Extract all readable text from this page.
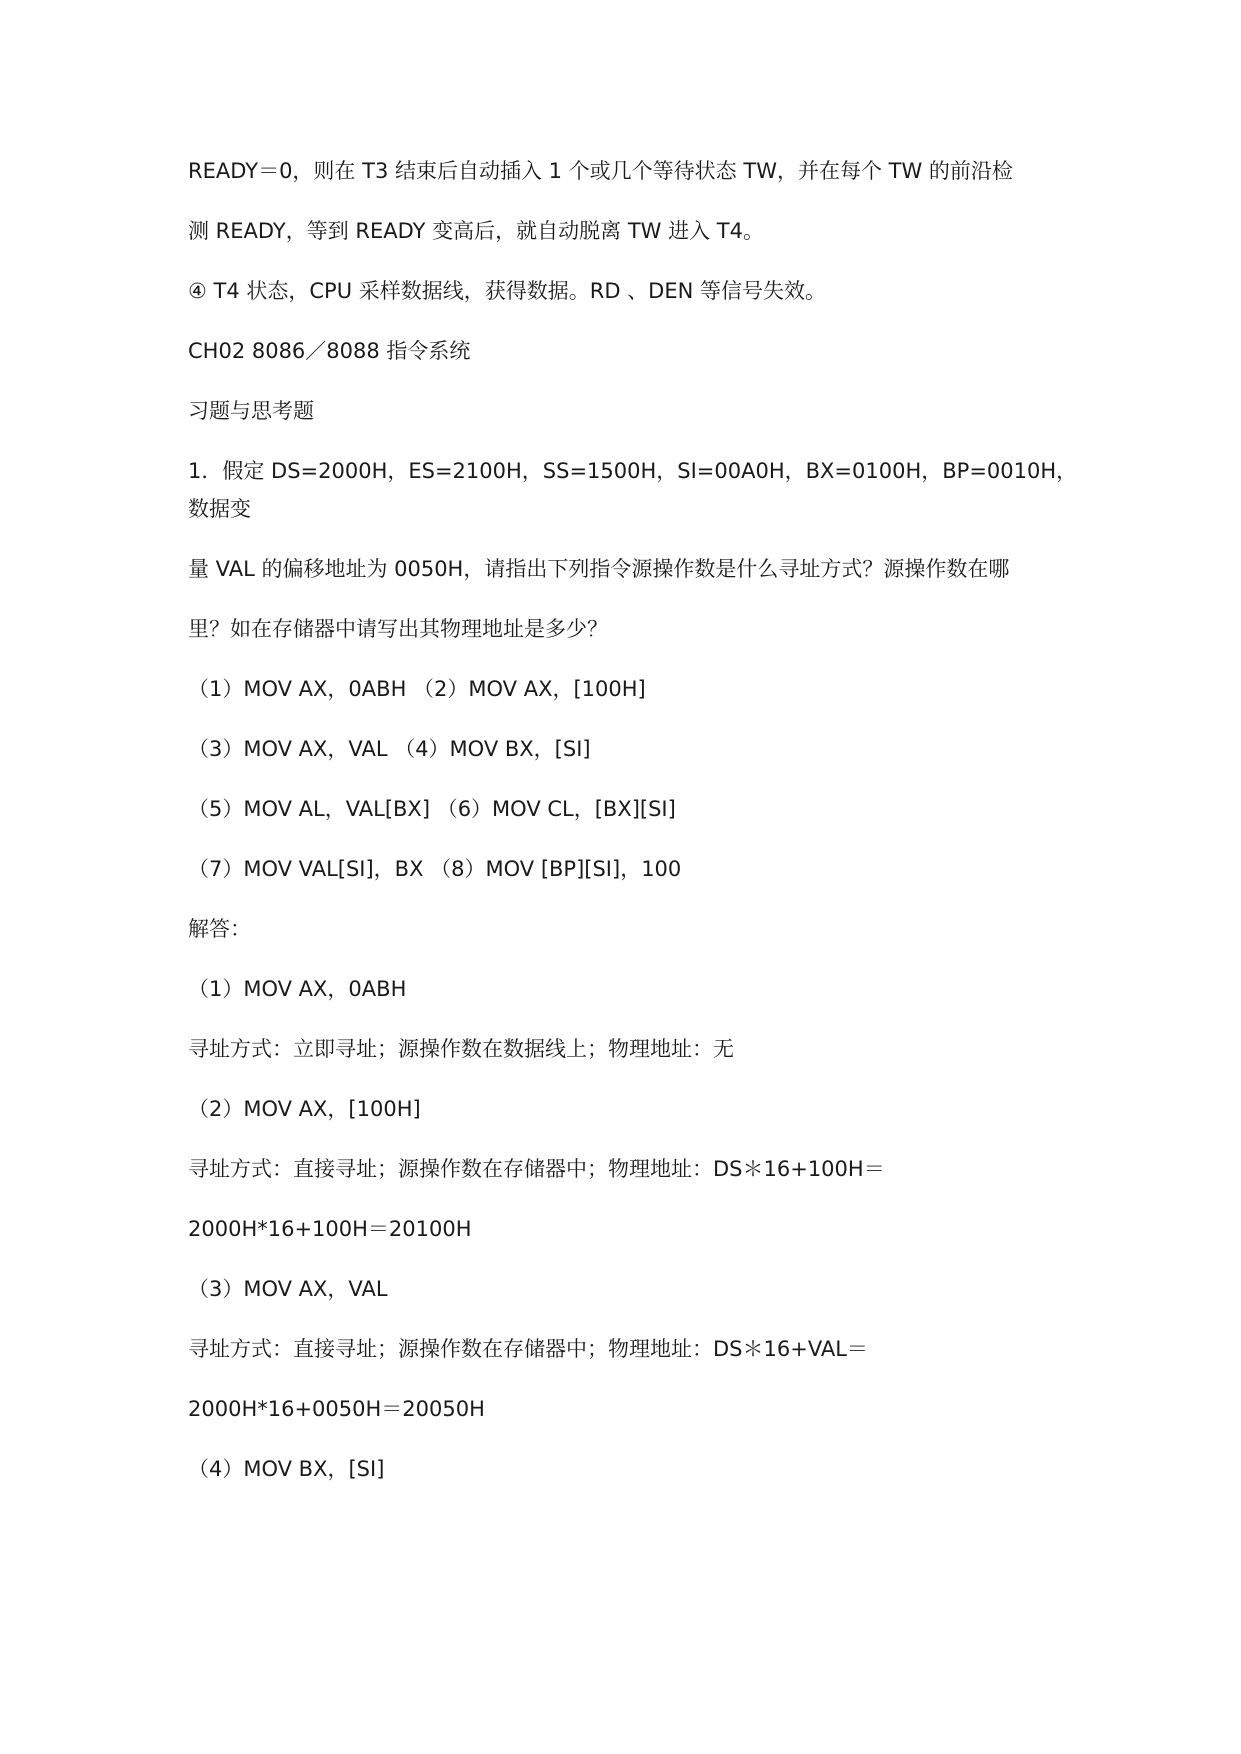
READY＝0，则在 T3 结束后自动插入 1 个或几个等待状态 TW，并在每个 TW 的前沿检

测 READY，等到 READY 变高后，就自动脱离 TW 进入 T4。

④ T4 状态，CPU 采样数据线，获得数据。RD 、DEN 等信号失效。

CH02 8086／8088 指令系统

习题与思考题

1．假定 DS=2000H，ES=2100H，SS=1500H，SI=00A0H，BX=0100H，BP=0010H，数据变

量 VAL 的偏移地址为 0050H，请指出下列指令源操作数是什么寻址方式？源操作数在哪

里？如在存储器中请写出其物理地址是多少？

（1）MOV AX，0ABH （2）MOV AX，[100H]

（3）MOV AX，VAL （4）MOV BX，[SI]

（5）MOV AL，VAL[BX] （6）MOV CL，[BX][SI]

（7）MOV VAL[SI]，BX （8）MOV [BP][SI]，100

解答：

（1）MOV AX，0ABH

寻址方式：立即寻址；源操作数在数据线上；物理地址：无

（2）MOV AX，[100H]

寻址方式：直接寻址；源操作数在存储器中；物理地址：DS＊16+100H＝

2000H*16+100H＝20100H

（3）MOV AX，VAL

寻址方式：直接寻址；源操作数在存储器中；物理地址：DS＊16+VAL＝

2000H*16+0050H＝20050H

（4）MOV BX，[SI]
